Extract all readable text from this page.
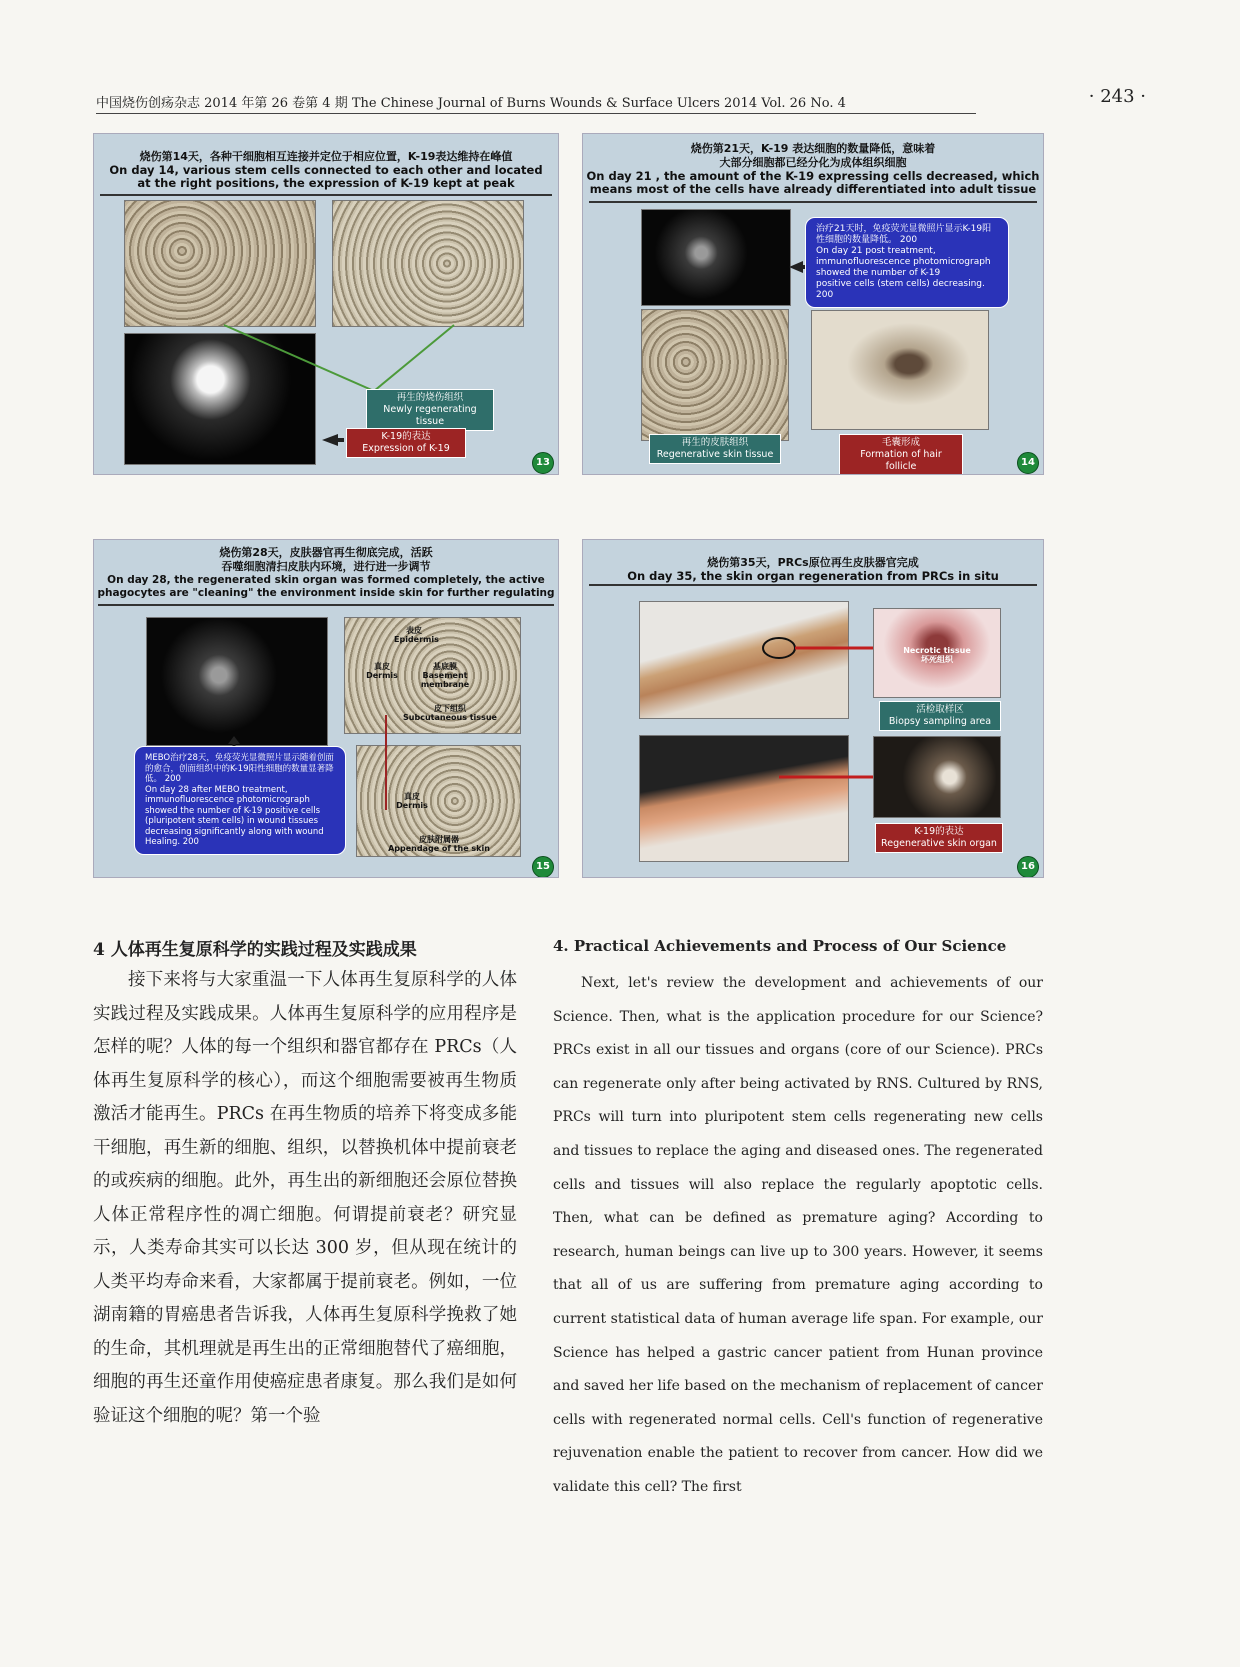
中国烧伤创疡杂志 2014 年第 26 卷第 4 期 The Chinese Journal of Burns Wounds & Surface Ulcers 2014 Vol. 26 No. 4	· 243 ·
烧伤第14天，各种干细胞相互连接并定位于相应位置，K-19表达维持在峰值
On day 14, various stem cells connected to each other and located
at the right positions, the expression of K-19 kept at peak
再生的烧伤组织
Newly regenerating tissue
K-19的表达
Expression of K-19
13
烧伤第21天，K-19 表达细胞的数量降低，意味着
大部分细胞都已经分化为成体组织细胞
On day 21 , the amount of the K-19 expressing cells decreased, which
means most of the cells have already differentiated into adult tissue
治疗21天时，免疫荧光显微照片显示K-19阳性细胞的数量降低。 200
On day 21 post treatment,
immunofluorescence photomicrograph
showed the number of K-19
positive cells (stem cells) decreasing. 200
再生的皮肤组织
Regenerative skin tissue
毛囊形成
Formation of hair follicle	14
烧伤第28天，皮肤器官再生彻底完成，活跃
吞噬细胞清扫皮肤内环境，进行进一步调节
On day 28, the regenerated skin organ was formed completely, the active
phagocytes are "cleaning" the environment inside skin for further regulating
表皮
Epidermis
真皮
Dermis
基底膜
Basement
membrane
皮下组织
Subcutaneous tissue
真皮
Dermis
皮肤附属器
Appendage of the skin
MEBO治疗28天，免疫荧光显微照片显示随着创面的愈合，创面组织中的K-19阳性细胞的数量显著降低。 200
On day 28 after MEBO treatment,
immunofluorescence photomicrograph
showed the number of K-19 positive cells
(pluripotent stem cells) in wound tissues
decreasing significantly along with wound
Healing. 200
15
烧伤第35天，PRCs原位再生皮肤器官完成
On day 35, the skin organ regeneration from PRCs in situ
Necrotic tissue
坏死组织
活检取样区
Biopsy sampling area
K-19的表达
Regenerative skin organ
16
4 人体再生复原科学的实践过程及实践成果

接下来将与大家重温一下人体再生复原科学的人体实践过程及实践成果。人体再生复原科学的应用程序是怎样的呢？人体的每一个组织和器官都存在 PRCs（人体再生复原科学的核心），而这个细胞需要被再生物质激活才能再生。PRCs 在再生物质的培养下将变成多能干细胞，再生新的细胞、组织，以替换机体中提前衰老的或疾病的细胞。此外，再生出的新细胞还会原位替换人体正常程序性的凋亡细胞。何谓提前衰老？研究显示，人类寿命其实可以长达 300 岁，但从现在统计的人类平均寿命来看，大家都属于提前衰老。例如，一位湖南籍的胃癌患者告诉我，人体再生复原科学挽救了她的生命，其机理就是再生出的正常细胞替代了癌细胞，细胞的再生还童作用使癌症患者康复。那么我们是如何验证这个细胞的呢？第一个验

4. Practical Achievements and Process of Our Science

Next, let's review the development and achievements of our Science. Then, what is the application procedure for our Science? PRCs exist in all our tissues and organs (core of our Science). PRCs can regenerate only after being activated by RNS. Cultured by RNS, PRCs will turn into pluripotent stem cells regenerating new cells and tissues to replace the aging and diseased ones. The regenerated cells and tissues will also replace the regularly apoptotic cells. Then, what can be defined as premature aging? According to research, human beings can live up to 300 years. However, it seems that all of us are suffering from premature aging according to current statistical data of human average life span. For example, our Science has helped a gastric cancer patient from Hunan province and saved her life based on the mechanism of replacement of cancer cells with regenerated normal cells. Cell's function of regenerative rejuvenation enable the patient to recover from cancer. How did we validate this cell? The first
